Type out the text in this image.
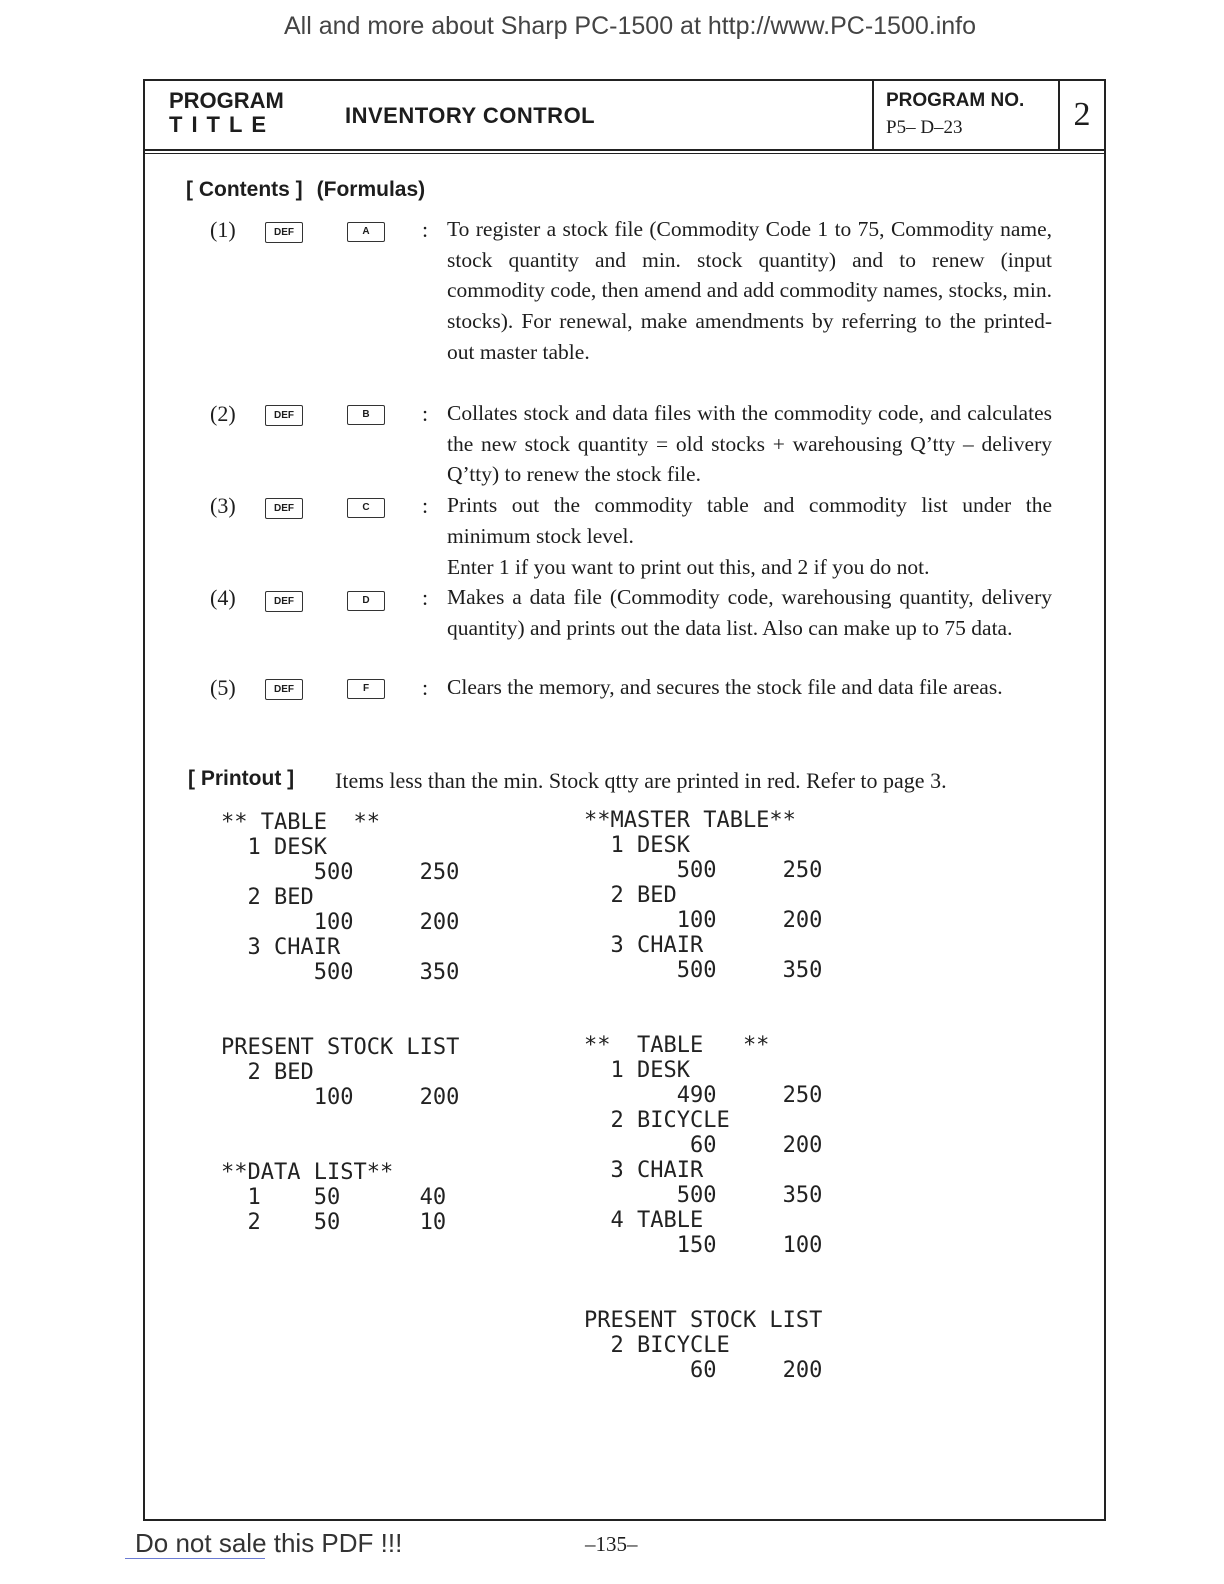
All and more about Sharp PC-1500 at http://www.PC-1500.info
PROGRAM
TITLE	INVENTORY CONTROL
PROGRAM NO.
P5– D–23	2
[ Contents ] (Formulas)
(1)	DEF	A	: To register a stock file (Commodity Code 1 to 75, Commodity name, stock quantity and min. stock quantity) and to renew (input commodity code, then amend and add commodity names, stocks, min. stocks). For renewal, make amendments by referring to the printed-out master table.
(2)	DEF	B	: Collates stock and data files with the commodity code, and calculates the new stock quantity = old stocks + warehousing Q’tty – delivery Q’tty) to renew the stock file.
(3)	DEF	C	: Prints out the commodity table and commodity list under the minimum stock level.
Enter 1 if you want to print out this, and 2 if you do not.
(4)	DEF	D	: Makes a data file (Commodity code, warehousing quantity, delivery quantity) and prints out the data list. Also can make up to 75 data.
(5)	DEF	F	: Clears the memory, and secures the stock file and data file areas.
[ Printout ] Items less than the min. Stock qtty are printed in red. Refer to page 3.
** TABLE  **
1 DESK
500     250
2 BED
100     200
3 CHAIR
500     350
PRESENT STOCK LIST
2 BED
100     200
**DATA LIST**
1    50      40
2    50      10
**MASTER TABLE**
1 DESK
500     250
2 BED
100     200
3 CHAIR
500     350
**  TABLE   **
1 DESK
490     250
2 BICYCLE
60     200
3 CHAIR
500     350
4 TABLE
150     100
PRESENT STOCK LIST
2 BICYCLE
60     200
Do not sale this PDF !!!	–135–
